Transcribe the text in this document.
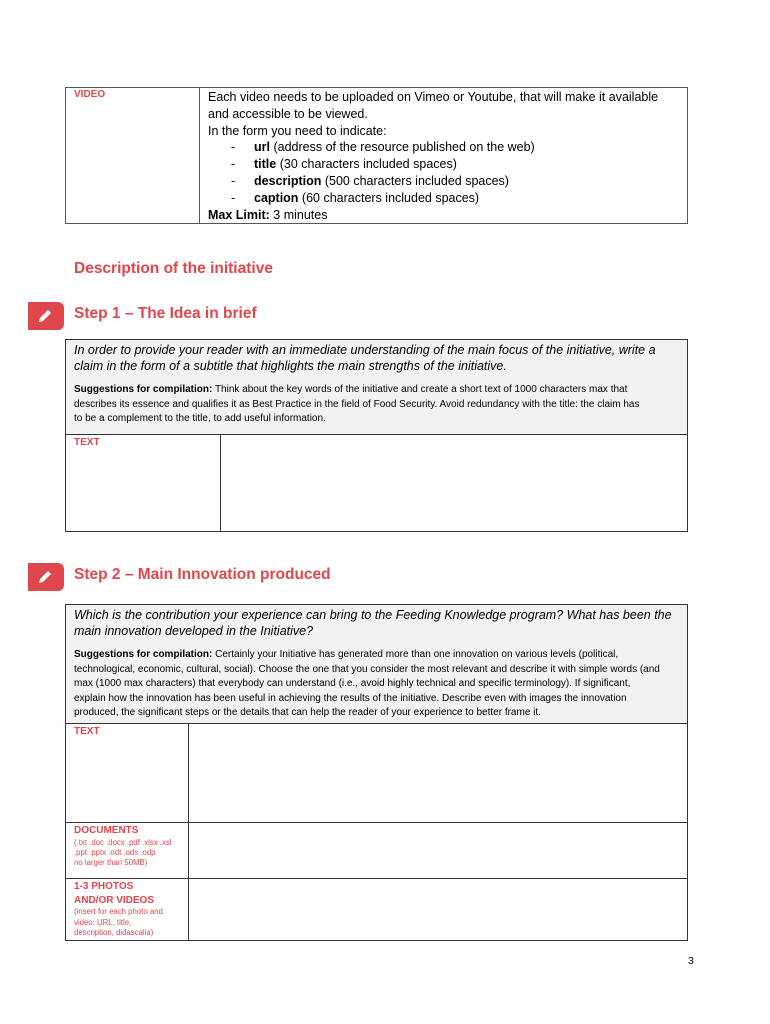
VIDEO	Each video needs to be uploaded on Vimeo or Youtube, that will make it available
and accessible to be viewed.
In the form you need to indicate:
- url (address of the resource published on the web)
- title (30 characters included spaces)
- description (500 characters included spaces)
- caption (60 characters included spaces)
Max Limit: 3 minutes
Description of the initiative
Step 1 – The Idea in brief
In order to provide your reader with an immediate understanding of the main focus of the initiative, write a
claim in the form of a subtitle that highlights the main strengths of the initiative.
Suggestions for compilation: Think about the key words of the initiative and create a short text of 1000 characters max that
describes its essence and qualifies it as Best Practice in the field of Food Security. Avoid redundancy with the title: the claim has
to be a complement to the title, to add useful information.
TEXT
Step 2 – Main Innovation produced
Which is the contribution your experience can bring to the Feeding Knowledge program? What has been the
main innovation developed in the Initiative?
Suggestions for compilation: Certainly your Initiative has generated more than one innovation on various levels (political,
technological, economic, cultural, social). Choose the one that you consider the most relevant and describe it with simple words (and
max (1000 max characters) that everybody can understand (i.e., avoid highly technical and specific terminology). If significant,
explain how the innovation has been useful in achieving the results of the initiative. Describe even with images the innovation
produced, the significant steps or the details that can help the reader of your experience to better frame it.
TEXT
DOCUMENTS
(.txt .doc .docx .pdf .xlsx .xsl
.ppt .pptx .odt .ods .odp
no larger than 50MB)
1-3 PHOTOS
AND/OR VIDEOS
(insert for each photo and
video: URL, title,
description, didascalia)
3
